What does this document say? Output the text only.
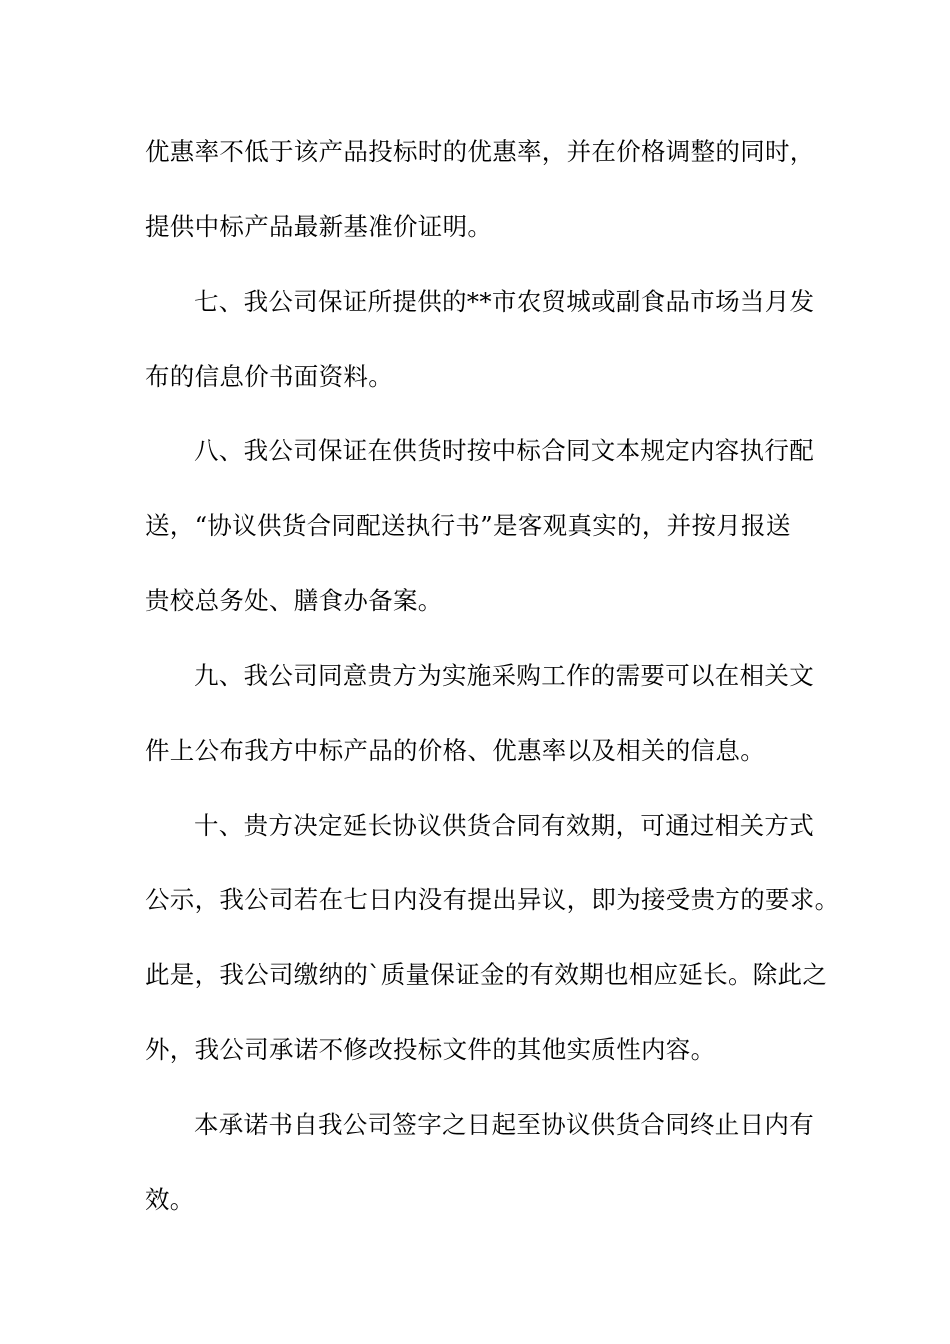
优惠率不低于该产品投标时的优惠率，并在价格调整的同时，
提供中标产品最新基准价证明。
七、我公司保证所提供的**市农贸城或副食品市场当月发
布的信息价书面资料。
八、我公司保证在供货时按中标合同文本规定内容执行配
送，“协议供货合同配送执行书”是客观真实的，并按月报送
贵校总务处、膳食办备案。
九、我公司同意贵方为实施采购工作的需要可以在相关文
件上公布我方中标产品的价格、优惠率以及相关的信息。
十、贵方决定延长协议供货合同有效期，可通过相关方式
公示，我公司若在七日内没有提出异议，即为接受贵方的要求。
此是，我公司缴纳的`质量保证金的有效期也相应延长。除此之
外，我公司承诺不修改投标文件的其他实质性内容。
本承诺书自我公司签字之日起至协议供货合同终止日内有
效。
